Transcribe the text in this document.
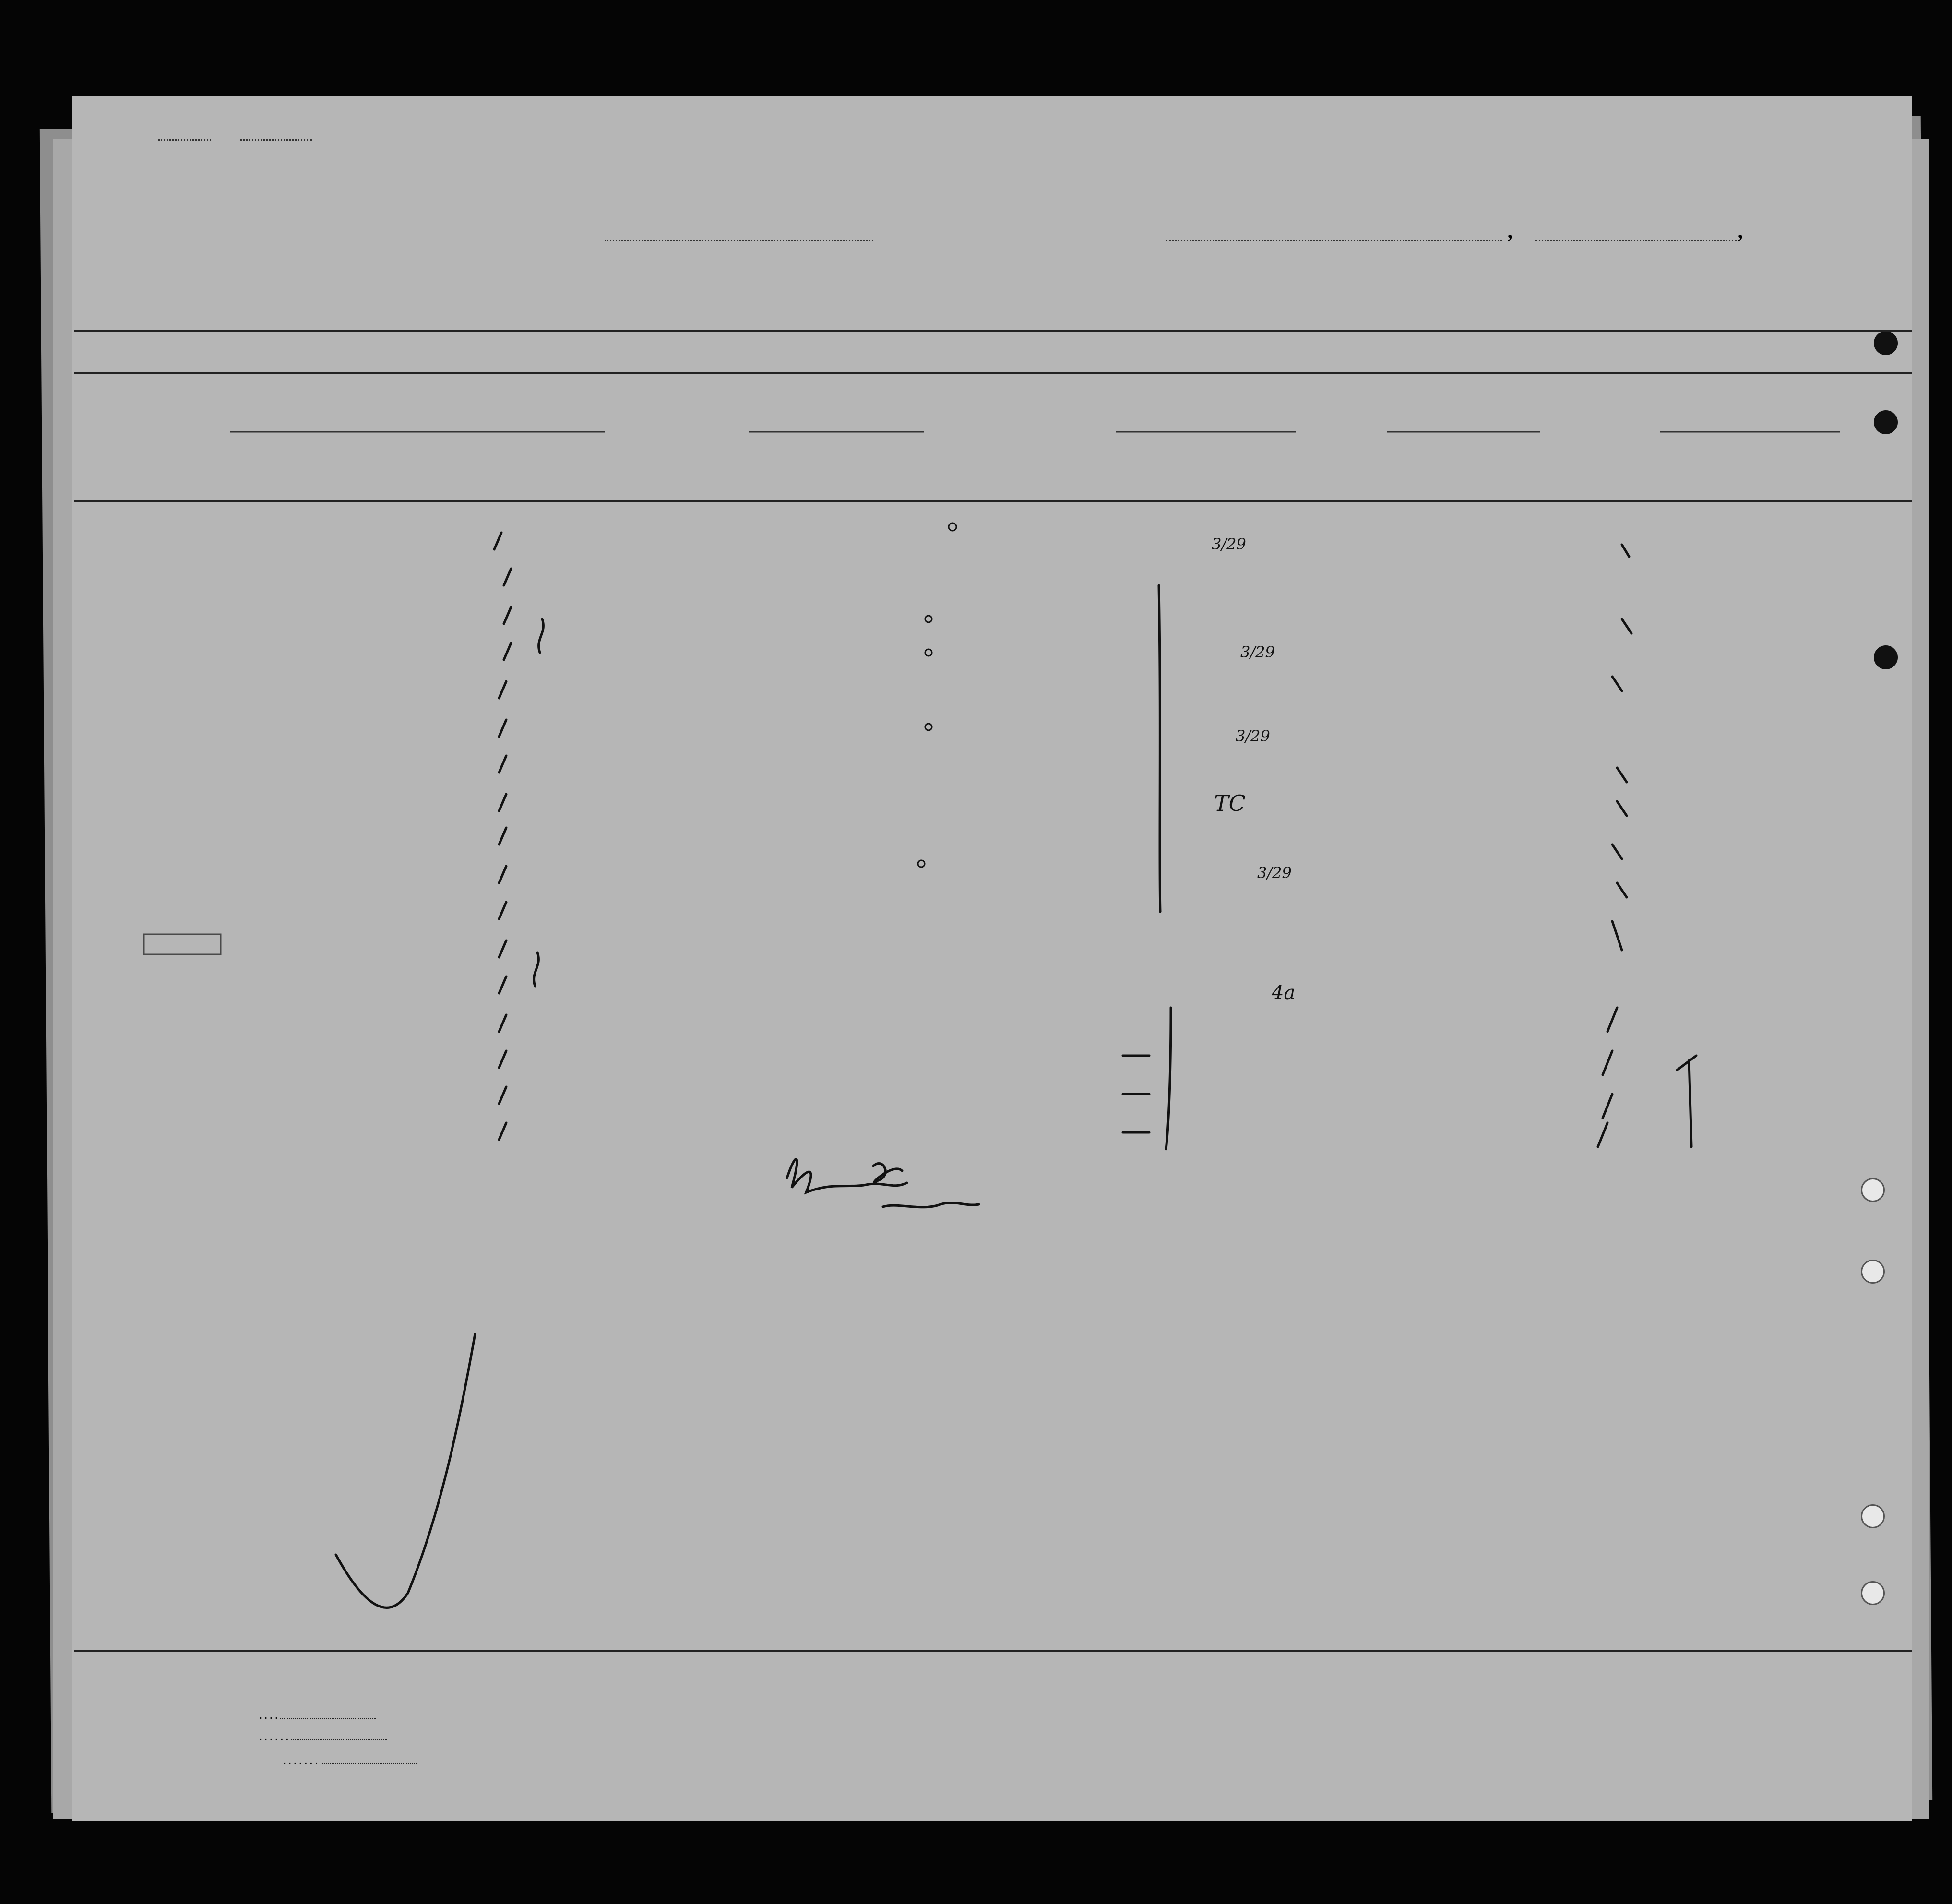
,	,
3/29
3/29
3/29
3/29
4a
TC
. . . .
. . . . . .
. . . . . . .
